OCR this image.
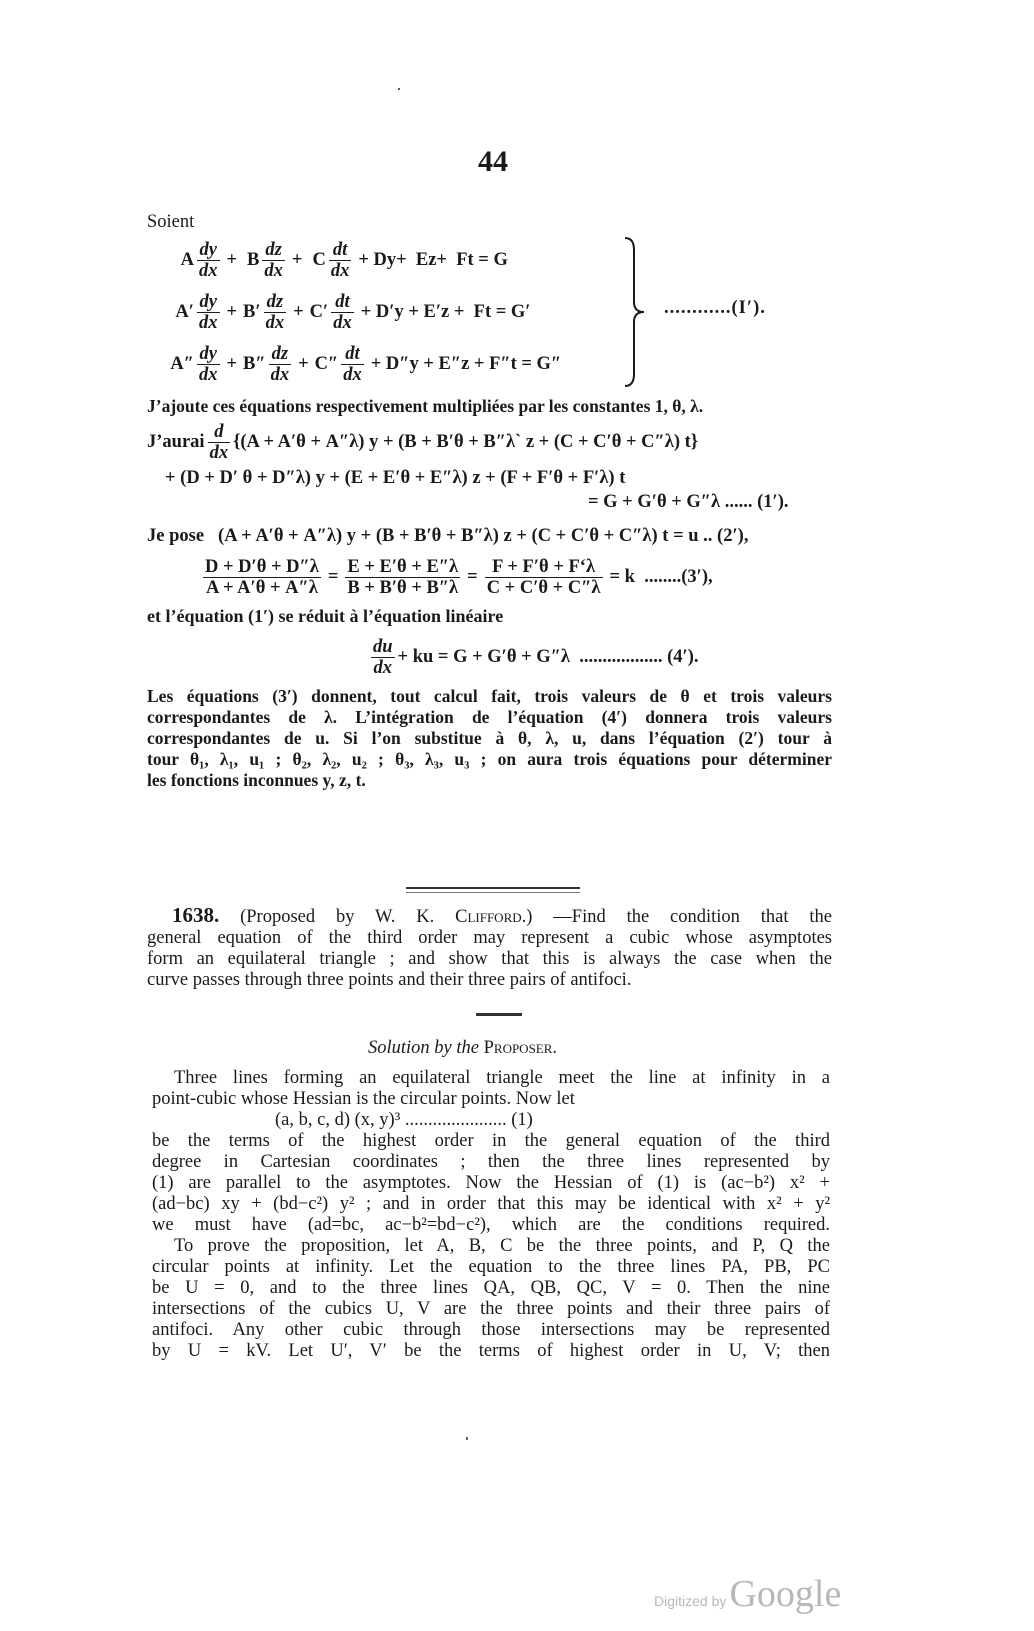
44
Soient
A $\frac{dy}{dx} + B \frac{dz}{dx} + C \frac{dt}{dx} + Dy+ Ez+ Ft = G$
$A' \frac{dy}{dx} + B' \frac{dz}{dx} + C' \frac{dt}{dx} + D'y + E'z + Ft = G'$
$A'' \frac{dy}{dx} + B'' \frac{dz}{dx} + C'' \frac{dt}{dx} + D''y + E''z + F''t = G''$
............(I′).
J’ajoute ces équations respectivement multipliées par les constantes 1, θ, λ.
J’aurai $\frac{d}{dx} \{(A + A'\theta + A''\lambda) y + (B + B'\theta$ + B″λ` z + (C + C′θ + C″λ) t}
+ (D + D′ θ + D″λ) y + (E + E′θ + E″λ) z + (F + F′θ + F′λ) t
= G + G′θ + G″λ ...... (1′).
Je pose (A + A′θ + A″λ) y + (B + B′θ + B″λ) z + (C + C′θ + C″λ) t = u .. (2′),
$\frac{D + D'\theta + D''\lambda}{A + A'\theta + A''\lambda} = \frac{E + E'\theta + E''\lambda}{B + B'\theta + B''\lambda} = \frac{F + F'\theta + F‘\lambda}{C + C'\theta + C''\lambda} = k$  ........(3′),
et l’équation (1′) se réduit à l’équation linéaire
$\frac{du}{dx}$ + ku = G + G′θ + G″λ  .................. (4′).
Les équations (3′) donnent, tout calcul fait, trois valeurs de θ et trois valeurs
correspondantes de λ. L’intégration de l’équation (4′) donnera trois valeurs
correspondantes de u. Si l’on substitue à θ, λ, u, dans l’équation (2′) tour à
tour θ₁, λ₁, u₁ ; θ₂, λ₂, u₂ ; θ₃, λ₃, u₃ ; on aura trois équations pour déterminer
les fonctions inconnues y, z, t.
1638. (Proposed by W. K. Clifford.) —Find the condition that the
general equation of the third order may represent a cubic whose asymptotes
form an equilateral triangle ; and show that this is always the case when the
curve passes through three points and their three pairs of antifoci.
Solution by the Proposer.
Three lines forming an equilateral triangle meet the line at infinity in a
point-cubic whose Hessian is the circular points. Now let
(a, b, c, d) (x, y)³ ...................... (1)
be the terms of the highest order in the general equation of the third
degree in Cartesian coordinates ; then the three lines represented by
(1) are parallel to the asymptotes. Now the Hessian of (1) is (ac−b²) x² +
(ad−bc) xy + (bd−c²) y² ; and in order that this may be identical with x² + y²
we must have (ad=bc, ac−b²=bd−c²), which are the conditions required.
To prove the proposition, let A, B, C be the three points, and P, Q the
circular points at infinity. Let the equation to the three lines PA, PB, PC
be U = 0, and to the three lines QA, QB, QC, V = 0. Then the nine
intersections of the cubics U, V are the three points and their three pairs of
antifoci. Any other cubic through those intersections may be represented
by U = kV. Let U′, V′ be the terms of highest order in U, V; then
Digitized by Google
